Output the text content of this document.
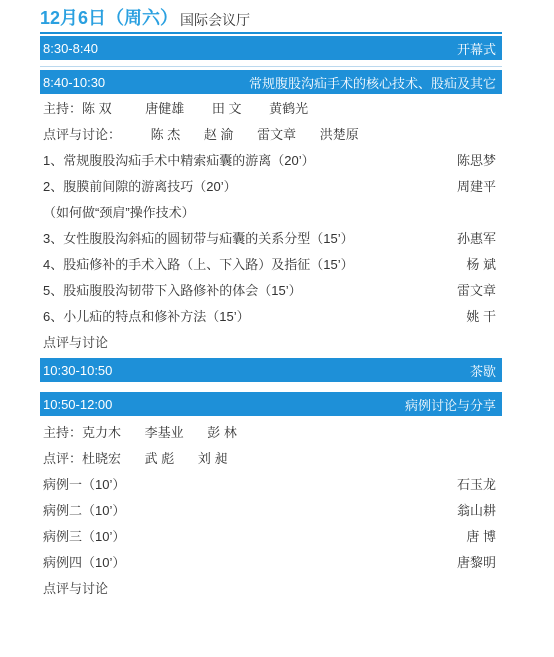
12月6日（周六） 国际会议厅
8:30-8:40	开幕式
8:40-10:30	常规腹股沟疝手术的核心技术、股疝及其它
主持：陈 双	唐健雄 田 文 黄鹤光
点评与讨论： 陈 杰 赵 渝 雷文章 洪楚原
1、常规腹股沟疝手术中精索疝囊的游离（20’）	陈思梦
2、腹膜前间隙的游离技巧（20’）	周建平
（如何做“颈肩”操作技术）
3、女性腹股沟斜疝的圆韧带与疝囊的关系分型（15’）	孙惠军
4、股疝修补的手术入路（上、下入路）及指征（15’）	杨 斌
5、股疝腹股沟韧带下入路修补的体会（15’）	雷文章
6、小儿疝的特点和修补方法（15’）	姚 干
点评与讨论
10:30-10:50	茶歇
10:50-12:00	病例讨论与分享
主持：克力木 李基业 彭 林
点评：杜晓宏 武 彪 刘 昶
病例一（10’）	石玉龙
病例二（10’）	翁山耕
病例三（10’）	唐 博
病例四（10’）	唐黎明
点评与讨论
